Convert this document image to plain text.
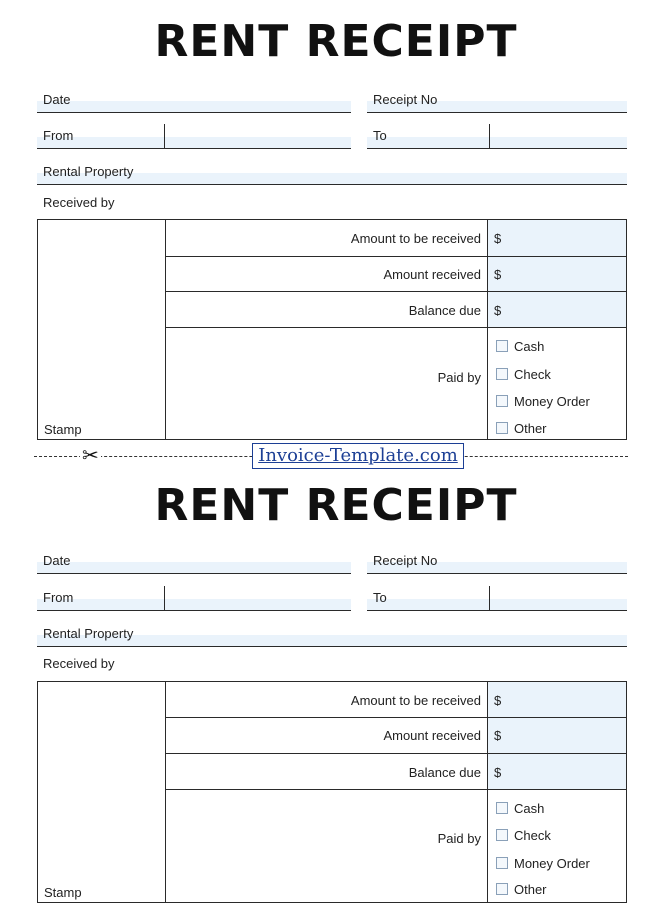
RENT RECEIPT
Date	Receipt No
From	To
Rental Property
Received by
Stamp
Amount to be received $
Amount received $
Balance due $
Paid by
Cash
Check
Money Order
Other
✂	Invoice-Template.com
RENT RECEIPT
Date	Receipt No
From	To
Rental Property
Received by
Stamp
Amount to be received $
Amount received $
Balance due $
Paid by
Cash
Check
Money Order
Other
